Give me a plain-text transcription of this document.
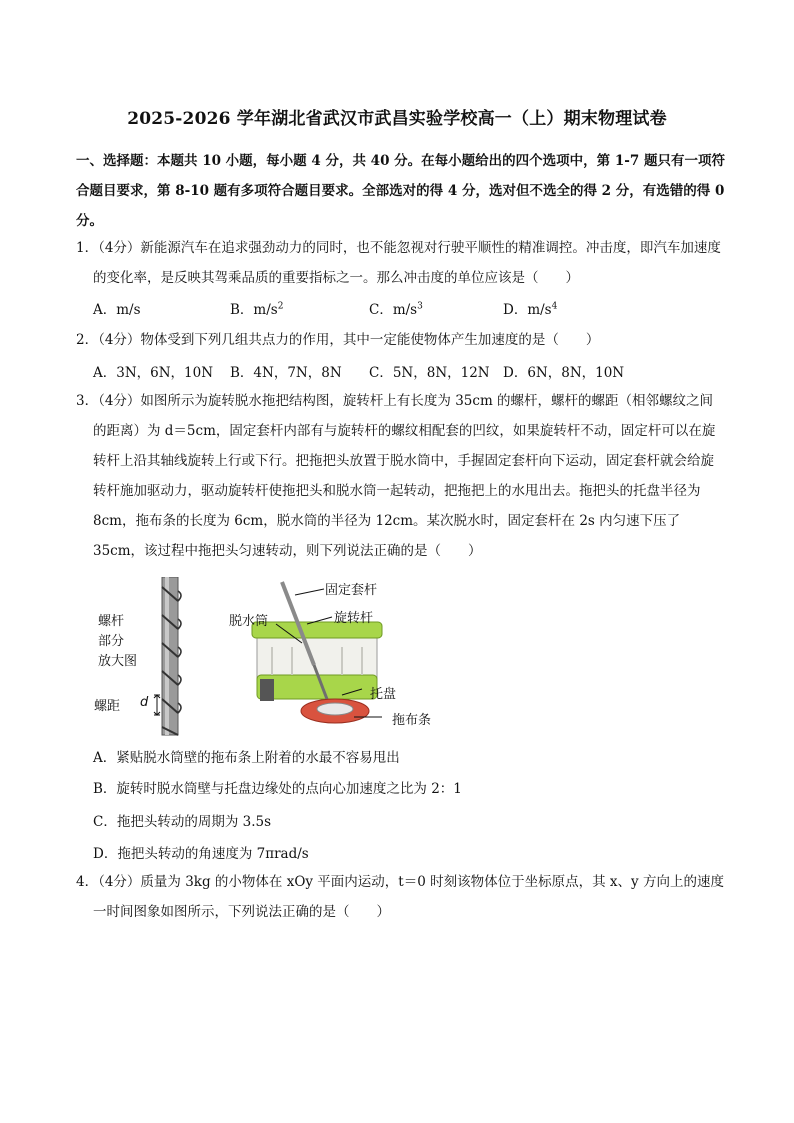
2025-2026 学年湖北省武汉市武昌实验学校高一（上）期末物理试卷
一、选择题：本题共 10 小题，每小题 4 分，共 40 分。在每小题给出的四个选项中，第 1-7 题只有一项符合题目要求，第 8-10 题有多项符合题目要求。全部选对的得 4 分，选对但不选全的得 2 分，有选错的得 0 分。
1．（4分）新能源汽车在追求强劲动力的同时，也不能忽视对行驶平顺性的精准调控。冲击度，即汽车加速度的变化率，是反映其驾乘品质的重要指标之一。那么冲击度的单位应该是（　　）
A．m/s	B．$m/s^2$	C．$m/s^3$	D．$m/s^4$
2．（4分）物体受到下列几组共点力的作用，其中一定能使物体产生加速度的是（　　）
A．3N，6N，10N B．4N，7N，8N C．5N，8N，12N D．6N，8N，10N
3．（4分）如图所示为旋转脱水拖把结构图，旋转杆上有长度为 35cm 的螺杆，螺杆的螺距（相邻螺纹之间的距离）为 d＝5cm，固定套杆内部有与旋转杆的螺纹相配套的凹纹，如果旋转杆不动，固定杆可以在旋转杆上沿其轴线旋转上行或下行。把拖把头放置于脱水筒中，手握固定套杆向下运动，固定套杆就会给旋转杆施加驱动力，驱动旋转杆使拖把头和脱水筒一起转动，把拖把上的水甩出去。拖把头的托盘半径为 8cm，拖布条的长度为 6cm，脱水筒的半径为 12cm。某次脱水时，固定套杆在 2s 内匀速下压了 35cm，该过程中拖把头匀速转动，则下列说法正确的是（　　）
螺杆
部分
放大图
螺距 d
固定套杆
脱水筒	旋转杆
托盘
拖布条
A．紧贴脱水筒壁的拖布条上附着的水最不容易甩出
B．旋转时脱水筒壁与托盘边缘处的点向心加速度之比为 2：1
C．拖把头转动的周期为 3.5s
D．拖把头转动的角速度为 7πrad/s
4．（4分）质量为 3kg 的小物体在 xOy 平面内运动，t＝0 时刻该物体位于坐标原点，其 x、y 方向上的速度一时间图象如图所示，下列说法正确的是（　　）
